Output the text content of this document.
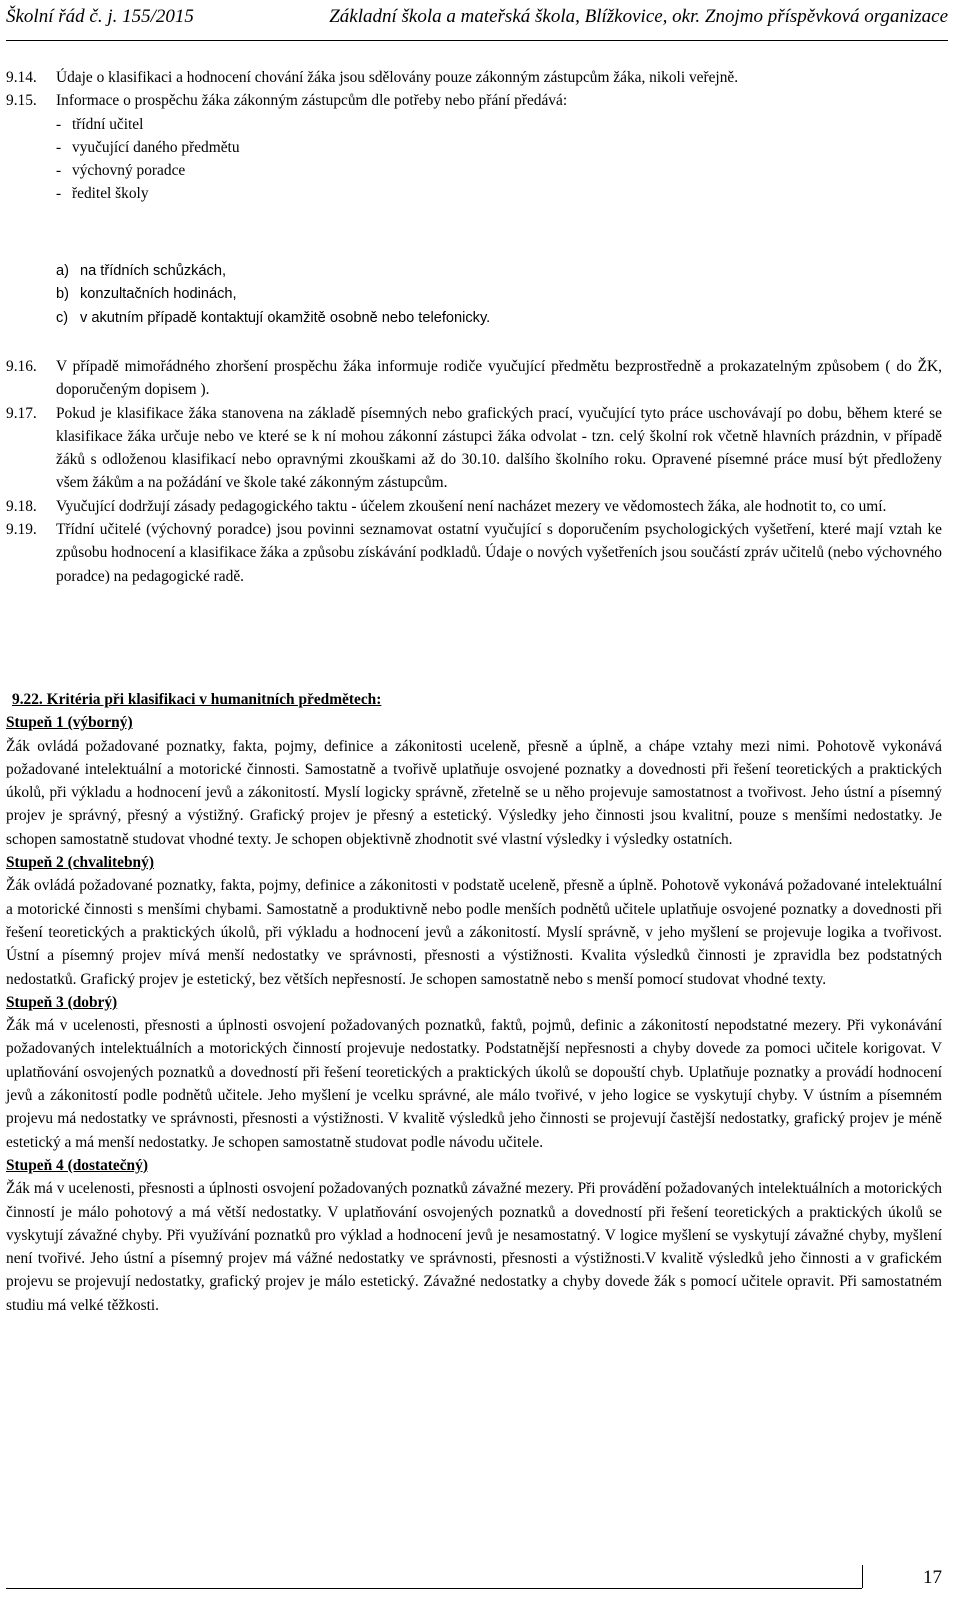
Školní řád č. j. 155/2015	Základní škola a mateřská škola, Blížkovice, okr. Znojmo příspěvková organizace
9.14. Údaje o klasifikaci a hodnocení chování žáka jsou sdělovány pouze zákonným zástupcům žáka, nikoli veřejně.
9.15. Informace o prospěchu žáka zákonným zástupcům dle potřeby nebo přání předává:
- třídní učitel
- vyučující daného předmětu
- výchovný poradce
- ředitel školy
a) na třídních schůzkách,
b) konzultačních hodinách,
c) v akutním případě kontaktují okamžitě osobně nebo telefonicky.
9.16. V případě mimořádného zhoršení prospěchu žáka informuje rodiče vyučující předmětu bezprostředně a prokazatelným způsobem ( do ŽK, doporučeným dopisem ).
9.17. Pokud je klasifikace žáka stanovena na základě písemných nebo grafických prací, vyučující tyto práce uschovávají po dobu, během které se klasifikace žáka určuje nebo ve které se k ní mohou zákonní zástupci žáka odvolat - tzn. celý školní rok včetně hlavních prázdnin, v případě žáků s odloženou klasifikací nebo opravnými zkouškami až do 30.10. dalšího školního roku. Opravené písemné práce musí být předloženy všem žákům a na požádání ve škole také zákonným zástupcům.
9.18. Vyučující dodržují zásady pedagogického taktu - účelem zkoušení není nacházet mezery ve vědomostech žáka, ale hodnotit to, co umí.
9.19. Třídní učitelé (výchovný poradce) jsou povinni seznamovat ostatní vyučující s doporučením psychologických vyšetření, které mají vztah ke způsobu hodnocení a klasifikace žáka a způsobu získávání podkladů. Údaje o nových vyšetřeních jsou součástí zpráv učitelů (nebo výchovného poradce) na pedagogické radě.
9.22. Kritéria při klasifikaci v humanitních předmětech:
Stupeň 1 (výborný)
Žák ovládá požadované poznatky, fakta, pojmy, definice a zákonitosti uceleně, přesně a úplně, a chápe vztahy mezi nimi. Pohotově vykonává požadované intelektuální a motorické činnosti. Samostatně a tvořivě uplatňuje osvojené poznatky a dovednosti při řešení teoretických a praktických úkolů, při výkladu a hodnocení jevů a zákonitostí. Myslí logicky správně, zřetelně se u něho projevuje samostatnost a tvořivost. Jeho ústní a písemný projev je správný, přesný a výstižný. Grafický projev je přesný a estetický. Výsledky jeho činnosti jsou kvalitní, pouze s menšími nedostatky. Je schopen samostatně studovat vhodné texty. Je schopen objektivně zhodnotit své vlastní výsledky i výsledky ostatních.
Stupeň 2 (chvalitebný)
Žák ovládá požadované poznatky, fakta, pojmy, definice a zákonitosti v podstatě uceleně, přesně a úplně. Pohotově vykonává požadované intelektuální a motorické činnosti s menšími chybami. Samostatně a produktivně nebo podle menších podnětů učitele uplatňuje osvojené poznatky a dovednosti při řešení teoretických a praktických úkolů, při výkladu a hodnocení jevů a zákonitostí. Myslí správně, v jeho myšlení se projevuje logika a tvořivost. Ústní a písemný projev mívá menší nedostatky ve správnosti, přesnosti a výstižnosti. Kvalita výsledků činnosti je zpravidla bez podstatných nedostatků. Grafický projev je estetický, bez větších nepřesností. Je schopen samostatně nebo s menší pomocí studovat vhodné texty.
Stupeň 3 (dobrý)
Žák má v ucelenosti, přesnosti a úplnosti osvojení požadovaných poznatků, faktů, pojmů, definic a zákonitostí nepodstatné mezery. Při vykonávání požadovaných intelektuálních a motorických činností projevuje nedostatky. Podstatnější nepřesnosti a chyby dovede za pomoci učitele korigovat. V uplatňování osvojených poznatků a dovedností při řešení teoretických a praktických úkolů se dopouští chyb. Uplatňuje poznatky a provádí hodnocení jevů a zákonitostí podle podnětů učitele. Jeho myšlení je vcelku správné, ale málo tvořivé, v jeho logice se vyskytují chyby. V ústním a písemném projevu má nedostatky ve správnosti, přesnosti a výstižnosti. V kvalitě výsledků jeho činnosti se projevují častější nedostatky, grafický projev je méně estetický a má menší nedostatky. Je schopen samostatně studovat podle návodu učitele.
Stupeň 4 (dostatečný)
Žák má v ucelenosti, přesnosti a úplnosti osvojení požadovaných poznatků závažné mezery. Při provádění požadovaných intelektuálních a motorických činností je málo pohotový a má větší nedostatky. V uplatňování osvojených poznatků a dovedností při řešení teoretických a praktických úkolů se vyskytují závažné chyby. Při využívání poznatků pro výklad a hodnocení jevů je nesamostatný. V logice myšlení se vyskytují závažné chyby, myšlení není tvořivé. Jeho ústní a písemný projev má vážné nedostatky ve správnosti, přesnosti a výstižnosti.V kvalitě výsledků jeho činnosti a v grafickém projevu se projevují nedostatky, grafický projev je málo estetický. Závažné nedostatky a chyby dovede žák s pomocí učitele opravit. Při samostatném studiu má velké těžkosti.
17
